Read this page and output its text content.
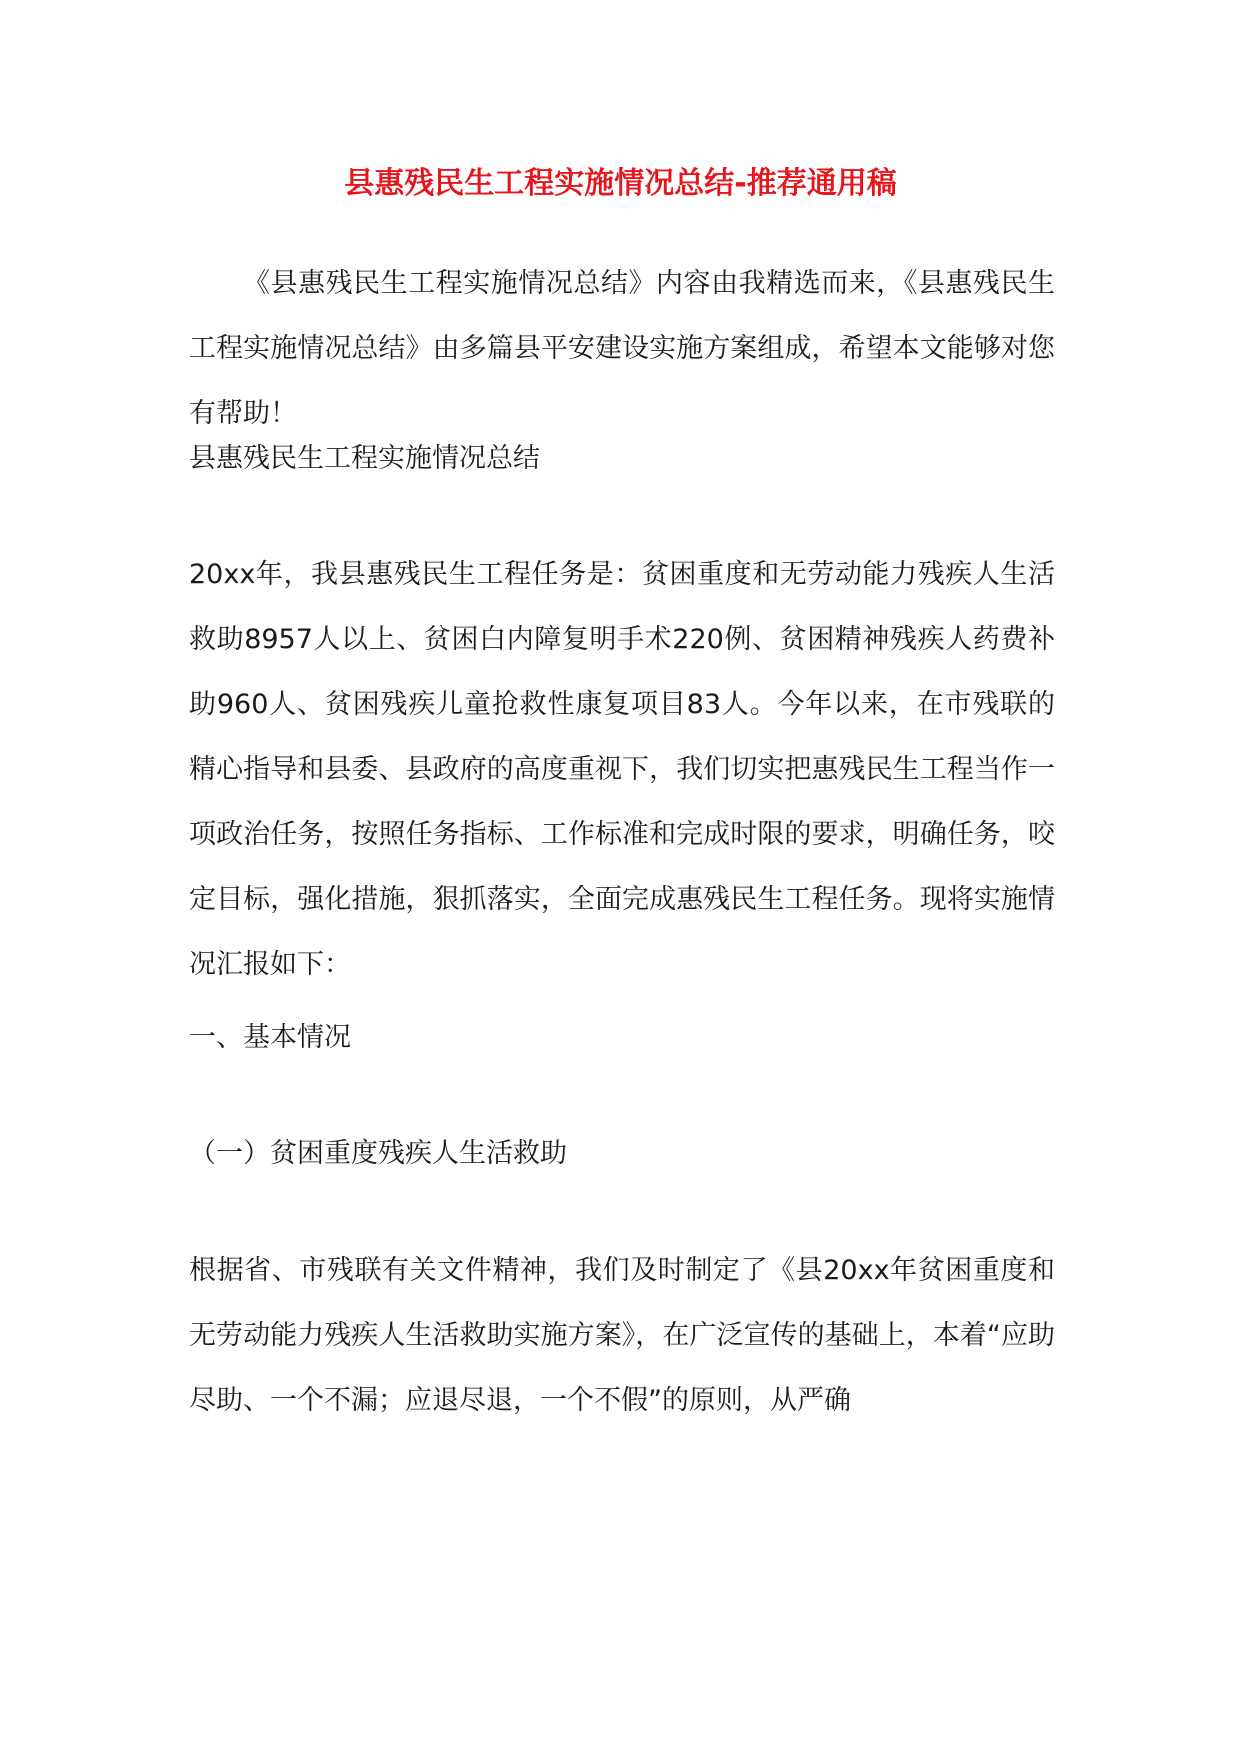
县惠残民生工程实施情况总结-推荐通用稿
《县惠残民生工程实施情况总结》内容由我精选而来，《县惠残民生工程实施情况总结》由多篇县平安建设实施方案组成，希望本文能够对您有帮助！
县惠残民生工程实施情况总结
20xx年，我县惠残民生工程任务是：贫困重度和无劳动能力残疾人生活救助8957人以上、贫困白内障复明手术220例、贫困精神残疾人药费补助960人、贫困残疾儿童抢救性康复项目83人。今年以来，在市残联的精心指导和县委、县政府的高度重视下，我们切实把惠残民生工程当作一项政治任务，按照任务指标、工作标准和完成时限的要求，明确任务，咬定目标，强化措施，狠抓落实，全面完成惠残民生工程任务。现将实施情况汇报如下：
一、基本情况
（一）贫困重度残疾人生活救助
根据省、市残联有关文件精神，我们及时制定了《县20xx年贫困重度和无劳动能力残疾人生活救助实施方案》，在广泛宣传的基础上，本着“应助尽助、一个不漏；应退尽退，一个不假”的原则，从严确
